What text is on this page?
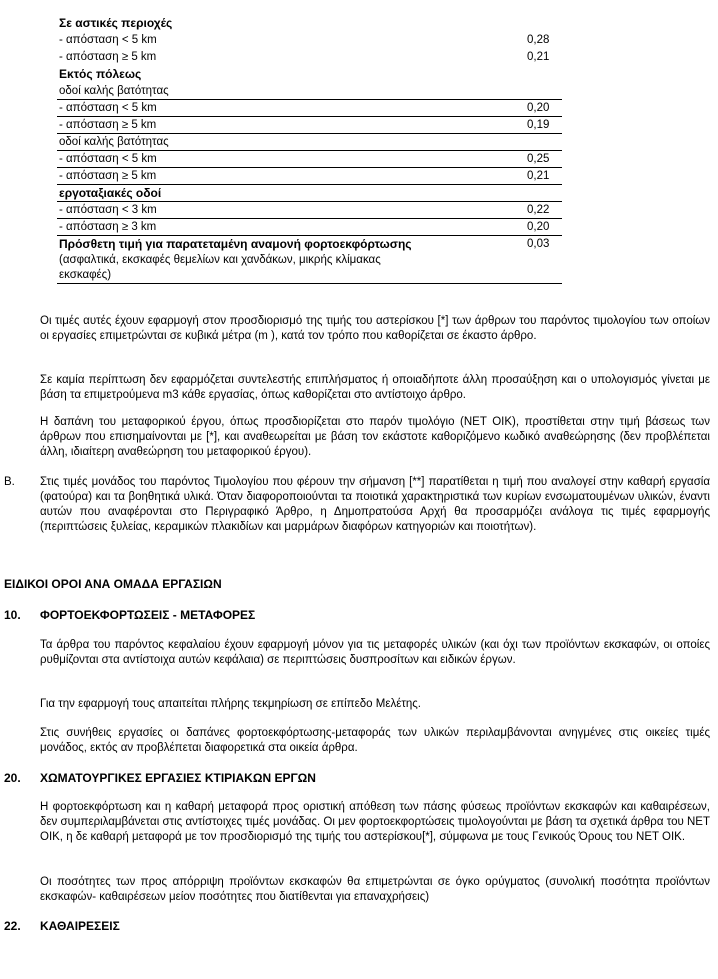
Σε αστικές περιοχές
- απόσταση < 5 km	0,28
- απόσταση ≥ 5 km	0,21
Εκτός πόλεως
οδοί καλής βατότητας
- απόσταση < 5 km	0,20
- απόσταση ≥ 5 km	0,19
οδοί καλής βατότητας
- απόσταση < 5 km	0,25
- απόσταση ≥ 5 km	0,21
εργοταξιακές οδοί
- απόσταση < 3 km	0,22
- απόσταση ≥ 3 km	0,20
Πρόσθετη τιμή για παρατεταμένη αναμονή φορτοεκφόρτωσης	0,03
(ασφαλτικά, εκσκαφές θεμελίων και χανδάκων, μικρής κλίμακας
εκσκαφές)
Οι τιμές αυτές έχουν εφαρμογή στον προσδιορισμό της τιμής του αστερίσκου [*] των άρθρων του παρόντος τιμολογίου των οποίων οι εργασίες επιμετρώνται σε κυβικά μέτρα (m ), κατά τον τρόπο που καθορίζεται σε έκαστο άρθρο.
Σε καμία περίπτωση δεν εφαρμόζεται συντελεστής επιπλήσματος ή οποιαδήποτε άλλη προσαύξηση και ο υπολογισμός γίνεται με βάση τα επιμετρούμενα m3 κάθε εργασίας, όπως καθορίζεται στο αντίστοιχο άρθρο.
Η δαπάνη του μεταφορικού έργου, όπως προσδιορίζεται στο παρόν τιμολόγιο (ΝΕΤ ΟΙΚ), προστίθεται στην τιμή βάσεως των άρθρων που επισημαίνονται με [*], και αναθεωρείται με βάση τον εκάστοτε καθοριζόμενο κωδικό αναθεώρησης (δεν προβλέπεται άλλη, ιδιαίτερη αναθεώρηση του μεταφορικού έργου).
Β. Στις τιμές μονάδος του παρόντος Τιμολογίου που φέρουν την σήμανση [**] παρατίθεται η τιμή που αναλογεί στην καθαρή εργασία (φατούρα) και τα βοηθητικά υλικά. Όταν διαφοροποιούνται τα ποιοτικά χαρακτηριστικά των κυρίων ενσωματουμένων υλικών, έναντι αυτών που αναφέρονται στο Περιγραφικό Άρθρο, η Δημοπρατούσα Αρχή θα προσαρμόζει ανάλογα τις τιμές εφαρμογής (περιπτώσεις ξυλείας, κεραμικών πλακιδίων και μαρμάρων διαφόρων κατηγοριών και ποιοτήτων).
ΕΙΔΙΚΟΙ ΟΡΟΙ ΑΝΑ ΟΜΑΔΑ ΕΡΓΑΣΙΩΝ
10. ΦΟΡΤΟΕΚΦΟΡΤΩΣΕΙΣ - ΜΕΤΑΦΟΡΕΣ
Τα άρθρα του παρόντος κεφαλαίου έχουν εφαρμογή μόνον για τις μεταφορές υλικών (και όχι των προϊόντων εκσκαφών, οι οποίες ρυθμίζονται στα αντίστοιχα αυτών κεφάλαια) σε περιπτώσεις δυσπροσίτων και ειδικών έργων.
Για την εφαρμογή τους απαιτείται πλήρης τεκμηρίωση σε επίπεδο Μελέτης.
Στις συνήθεις εργασίες οι δαπάνες φορτοεκφόρτωσης-μεταφοράς των υλικών περιλαμβάνονται ανηγμένες στις οικείες τιμές μονάδος, εκτός αν προβλέπεται διαφορετικά στα οικεία άρθρα.
20. ΧΩΜΑΤΟΥΡΓΙΚΕΣ ΕΡΓΑΣΙΕΣ ΚΤΙΡΙΑΚΩΝ ΕΡΓΩΝ
Η φορτοεκφόρτωση και η καθαρή μεταφορά προς οριστική απόθεση των πάσης φύσεως προϊόντων εκσκαφών και καθαιρέσεων, δεν συμπεριλαμβάνεται στις αντίστοιχες τιμές μονάδας. Οι μεν φορτοεκφορτώσεις τιμολογούνται με βάση τα σχετικά άρθρα του ΝΕΤ ΟΙΚ, η δε καθαρή μεταφορά με τον προσδιορισμό της τιμής του αστερίσκου[*], σύμφωνα με τους Γενικούς Όρους του ΝΕΤ ΟΙΚ.
Οι ποσότητες των προς απόρριψη προϊόντων εκσκαφών θα επιμετρώνται σε όγκο ορύγματος (συνολική ποσότητα προϊόντων εκσκαφών- καθαιρέσεων μείον ποσότητες που διατίθενται για επαναχρήσεις)
22. ΚΑΘΑΙΡΕΣΕΙΣ
